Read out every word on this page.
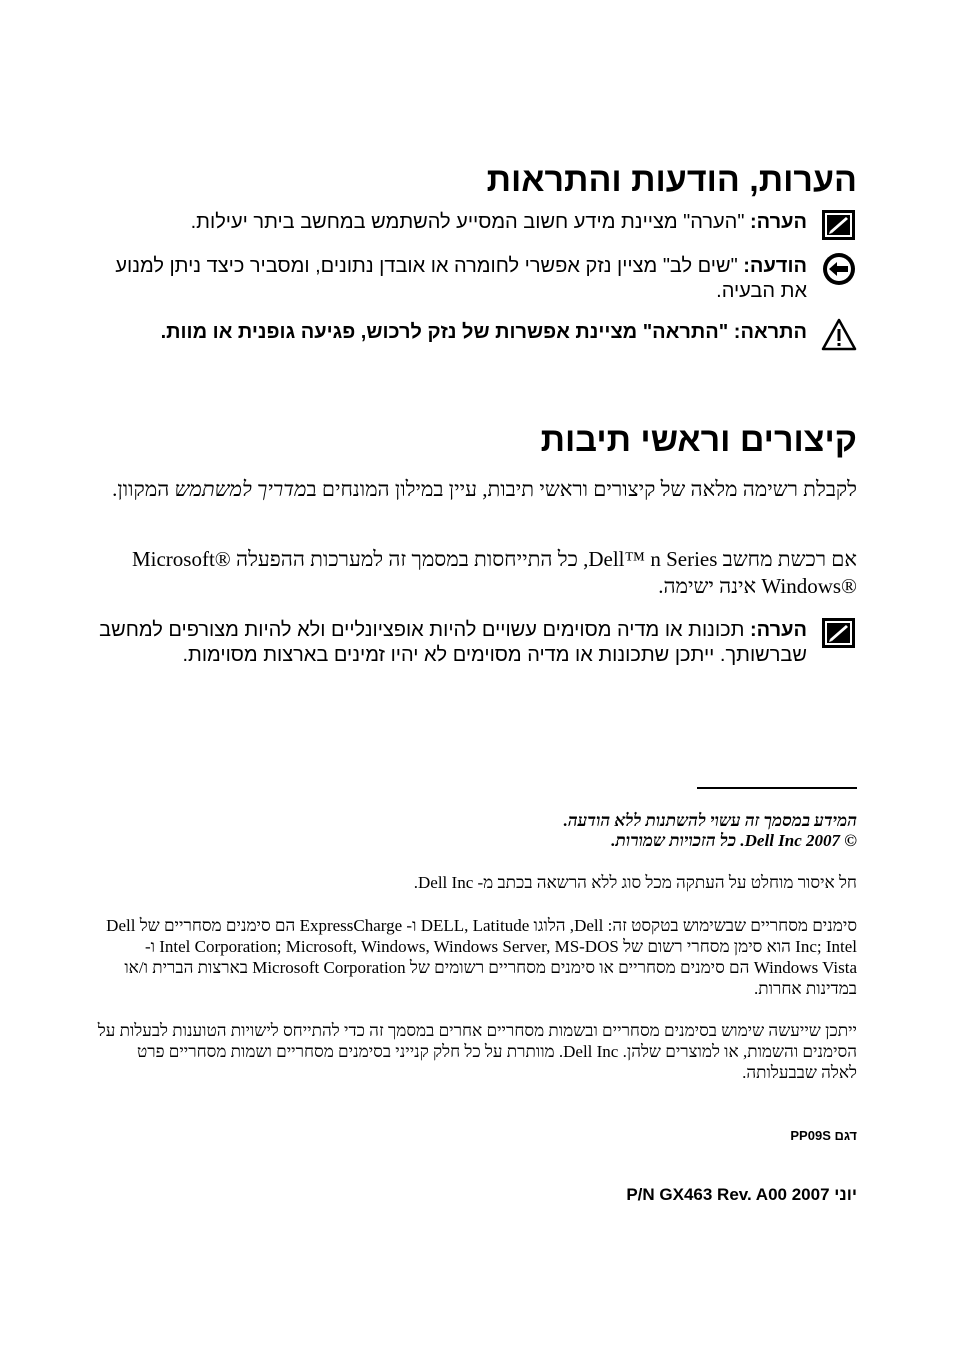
הערות, הודעות והתראות
הערה: "הערה" מציינת מידע חשוב המסייע להשתמש במחשב ביתר יעילות.
הודעה: "שים לב" מציין נזק אפשרי לחומרה או אובדן נתונים, ומסביר כיצד ניתן למנוע את הבעיה.
התראה: "התראה" מציינת אפשרות של נזק לרכוש, פגיעה גופנית או מוות.
קיצורים וראשי תיבות

לקבלת רשימה מלאה של קיצורים וראשי תיבות, עיין במילון המונחים במדריך למשתמש המקוון.

אם רכשת מחשב Dell™ n Series, כל התייחסות במסמך זה למערכות ההפעלה Microsoft® Windows® אינה ישימה.

הערה: תכונות או מדיה מסוימים עשויים להיות אופציונליים ולא להיות מצורפים למחשב שברשותך. ייתכן שתכונות או מדיה מסוימים לא יהיו זמינים בארצות מסוימות.

המידע במסמך זה עשוי להשתנות ללא הודעה.

© 2007 Dell Inc. כל הזכויות שמורות.

חל איסור מוחלט על העתקה מכל סוג ללא הרשאה בכתב מ- Dell Inc.

סימנים מסחריים שבשימוש בטקסט זה: Dell, הלוגו DELL, Latitude ו- ExpressCharge הם סימנים מסחריים של Dell Inc; Intel הוא סימן מסחרי רשום של Intel Corporation; Microsoft, Windows, Windows Server, MS-DOS ו- Windows Vista הם סימנים מסחריים או סימנים מסחריים רשומים של Microsoft Corporation בארצות הברית ו/או במדינות אחרות.

ייתכן שייעשה שימוש בסימנים מסחריים ובשמות מסחריים אחרים במסמך זה כדי להתייחס לישויות הטוענות לבעלות על הסימנים והשמות, או למוצרים שלהן. Dell Inc. מוותרת על כל חלק קנייני בסימנים מסחריים ושמות מסחריים פרט לאלה שבבעלותה.

דגם PP09S
יוני 2007 P/N GX463 Rev. A00
